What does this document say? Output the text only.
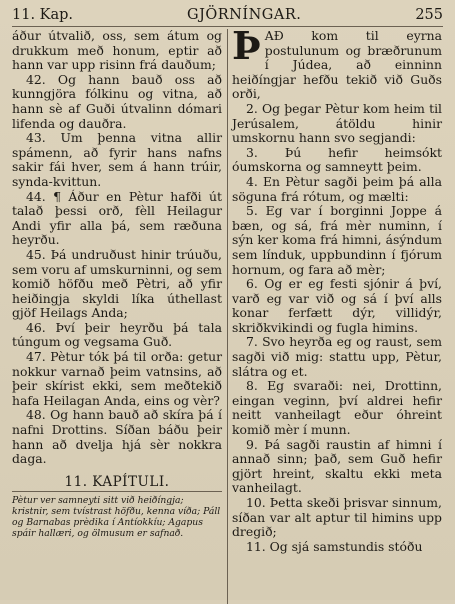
11. Kap.	GJÖRNÍNGAR.	255

áður útvalið, oss, sem átum og drukkum með honum, eptir að hann var upp risinn frá dauðum;

42. Og hann bauð oss að kunngjöra fólkinu og vitna, að hann sè af Guði útvalinn dómari lifenda og dauðra.

43. Um þenna vitna allir spámenn, að fyrir hans nafns sakir fái hver, sem á hann trúir, synda-kvittun.

44. ¶ Áður en Pètur hafði út talað þessi orð, fèll Heilagur Andi yfir alla þá, sem ræðuna heyrðu.

45. Þá undruðust hinir trúuðu, sem voru af umskurninni, og sem komið höfðu með Pètri, að yfir heiðingja skyldi líka úthellast gjöf Heilags Anda;

46. Því þeir heyrðu þá tala túngum og vegsama Guð.

47. Pètur tók þá til orða: getur nokkur varnað þeim vatnsins, að þeir skírist ekki, sem meðtekið hafa Heilagan Anda, eins og vèr?

48. Og hann bauð að skíra þá í nafni Drottins. Síðan báðu þeir hann að dvelja hjá sèr nokkra daga.

11. KAPÍTULI.

Pètur ver samneyti sitt við heiðíngja; kristnir, sem tvístrast höfðu, kenna víða; Páll og Barnabas prèdika í Antíokkíu; Agapus spáir hallæri, og ölmusum er safnað.

ÞAÐ kom til eyrna postulunum og bræðrunum í Júdea, að einninn heiðíngjar hefðu tekið við Guðs orði,

2. Og þegar Pètur kom heim til Jerúsalem, átöldu hinir umskornu hann svo segjandi:

3. Þú hefir heimsókt óumskorna og samneytt þeim.

4. En Pètur sagði þeim þá alla söguna frá rótum, og mælti:

5. Eg var í borginni Joppe á bæn, og sá, frá mèr numinn, í sýn ker koma frá himni, ásýndum sem línduk, uppbundinn í fjórum hornum, og fara að mèr;

6. Og er eg festi sjónir á því, varð eg var við og sá í því alls konar ferfætt dýr, villidýr, skriðkvikindi og fugla himins.

7. Svo heyrða eg og raust, sem sagði við mig: stattu upp, Pètur, slátra og et.

8. Eg svaraði: nei, Drottinn, eingan veginn, því aldrei hefir neitt vanheilagt eður óhreint komið mèr í munn.

9. Þá sagði raustin af himni í annað sinn; það, sem Guð hefir gjört hreint, skaltu ekki meta vanheilagt.

10. Þetta skeði þrisvar sinnum, síðan var alt aptur til himins upp dregið;

11. Og sjá samstundis stóðu
